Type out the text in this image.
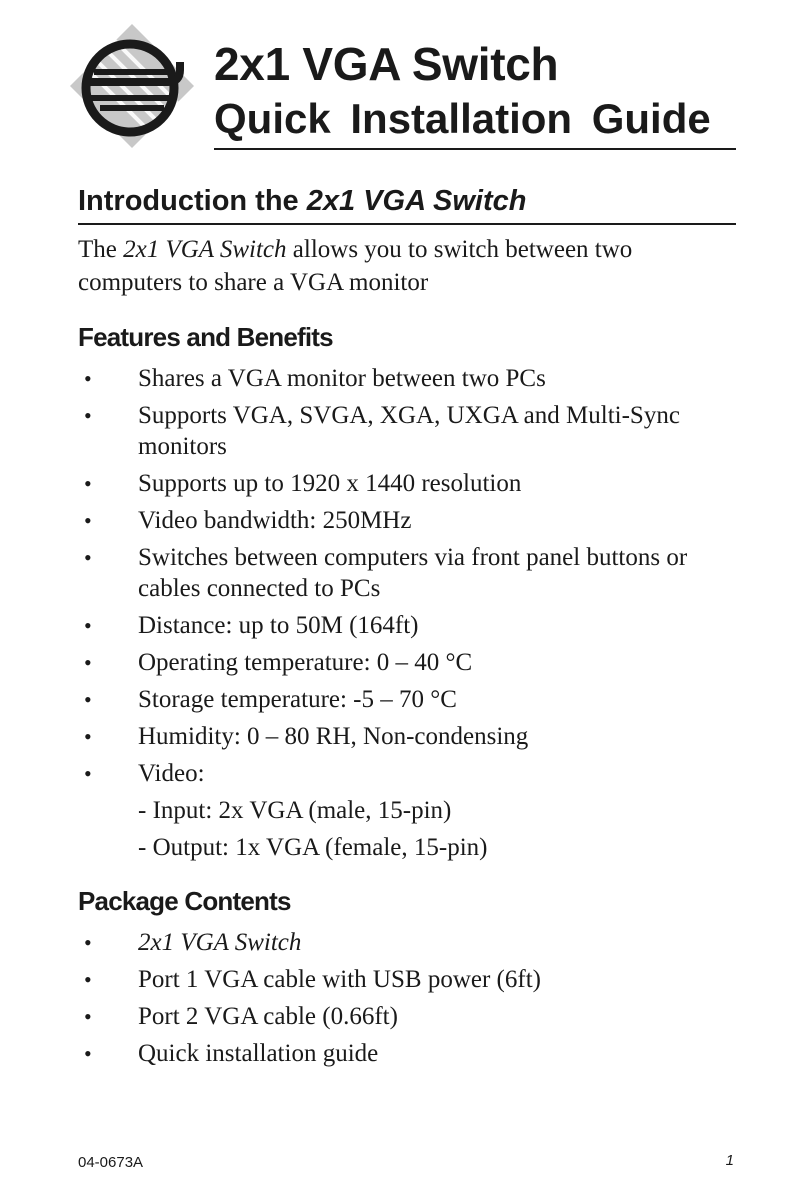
2x1 VGA Switch
Quick Installation Guide
Introduction the 2x1 VGA Switch
The 2x1 VGA Switch allows you to switch between two computers to share a VGA monitor
Features and Benefits
• Shares a VGA monitor between two PCs
• Supports VGA, SVGA, XGA, UXGA and Multi-Sync monitors
• Supports up to 1920 x 1440 resolution
• Video bandwidth: 250MHz
• Switches between computers via front panel buttons or cables connected to PCs
• Distance: up to 50M (164ft)
• Operating temperature: 0 – 40 °C
• Storage temperature: -5 – 70 °C
• Humidity: 0 – 80 RH, Non-condensing
• Video:
- Input: 2x VGA (male, 15-pin)
- Output: 1x VGA (female, 15-pin)
Package Contents
• 2x1 VGA Switch
• Port 1 VGA cable with USB power (6ft)
• Port 2 VGA cable (0.66ft)
• Quick installation guide
04-0673A	1
